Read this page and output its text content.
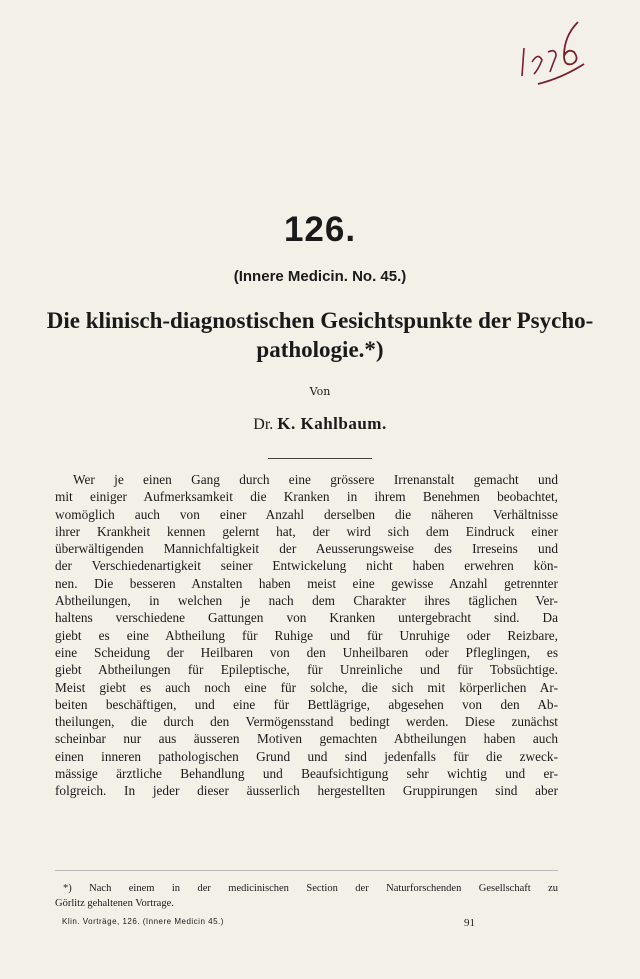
126.
(Innere Medicin. No. 45.)
Die klinisch-diagnostischen Gesichtspunkte der Psycho-
pathologie.*)
Von
Dr. K. Kahlbaum.
Wer je einen Gang durch eine grössere Irrenanstalt gemacht und
mit einiger Aufmerksamkeit die Kranken in ihrem Benehmen beobachtet,
womöglich auch von einer Anzahl derselben die näheren Verhältnisse
ihrer Krankheit kennen gelernt hat, der wird sich dem Eindruck einer
überwältigenden Mannichfaltigkeit der Aeusserungsweise des Irreseins und
der Verschiedenartigkeit seiner Entwickelung nicht haben erwehren kön-
nen. Die besseren Anstalten haben meist eine gewisse Anzahl getrennter
Abtheilungen, in welchen je nach dem Charakter ihres täglichen Ver-
haltens verschiedene Gattungen von Kranken untergebracht sind. Da
giebt es eine Abtheilung für Ruhige und für Unruhige oder Reizbare,
eine Scheidung der Heilbaren von den Unheilbaren oder Pfleglingen, es
giebt Abtheilungen für Epileptische, für Unreinliche und für Tobsüchtige.
Meist giebt es auch noch eine für solche, die sich mit körperlichen Ar-
beiten beschäftigen, und eine für Bettlägrige, abgesehen von den Ab-
theilungen, die durch den Vermögensstand bedingt werden. Diese zunächst
scheinbar nur aus äusseren Motiven gemachten Abtheilungen haben auch
einen inneren pathologischen Grund und sind jedenfalls für die zweck-
mässige ärztliche Behandlung und Beaufsichtigung sehr wichtig und er-
folgreich. In jeder dieser äusserlich hergestellten Gruppirungen sind aber
*) Nach einem in der medicinischen Section der Naturforschenden Gesellschaft zu
Görlitz gehaltenen Vortrage.
Klin. Vorträge, 126. (Innere Medicin 45.)	91
